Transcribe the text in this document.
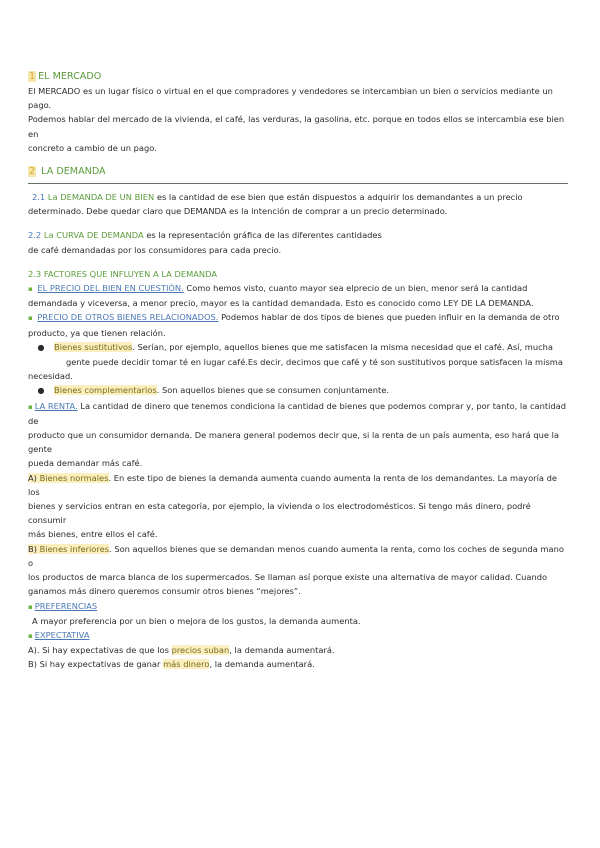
1 EL MERCADO

El MERCADO es un lugar físico o virtual en el que compradores y vendedores se intercambian un bien o servicios mediante un pago.

Podemos hablar del mercado de la vivienda, el café, las verduras, la gasolina, etc. porque en todos ellos se intercambia ese bien en

concreto a cambio de un pago.

2 LA DEMANDA

2.1 La DEMANDA DE UN BIEN es la cantidad de ese bien que están dispuestos a adquirir los demandantes a un precio

determinado. Debe quedar claro que DEMANDA es la intención de comprar a un precio determinado.

2.2 La CURVA DE DEMANDA es la representación gráfica de las diferentes cantidades

de café demandadas por los consumidores para cada precio.

2.3 FACTORES QUE INFLUYEN A LA DEMANDA

▪ EL PRECIO DEL BIEN EN CUESTIÓN. Como hemos visto, cuanto mayor sea elprecio de un bien, menor será la cantidad

demandada y viceversa, a menor precio, mayor es la cantidad demandada. Esto es conocido como LEY DE LA DEMANDA.

▪ PRECIO DE OTROS BIENES RELACIONADOS. Podemos hablar de dos tipos de bienes que pueden influir en la demanda de otro

producto, ya que tienen relación.

● Bienes sustitutivos. Serían, por ejemplo, aquellos bienes que me satisfacen la misma necesidad que el café. Así, mucha

gente puede decidir tomar té en lugar café.Es decir, decimos que café y té son sustitutivos porque satisfacen la misma

necesidad.

● Bienes complementarios. Son aquellos bienes que se consumen conjuntamente.

▪ LA RENTA. La cantidad de dinero que tenemos condiciona la cantidad de bienes que podemos comprar y, por tanto, la cantidad de

producto que un consumidor demanda. De manera general podemos decir que, si la renta de un país aumenta, eso hará que la gente

pueda demandar más café.

A) Bienes normales. En este tipo de bienes la demanda aumenta cuando aumenta la renta de los demandantes. La mayoría de los

bienes y servicios entran en esta categoría, por ejemplo, la vivienda o los electrodomésticos. Si tengo más dinero, podré consumir

más bienes, entre ellos el café.

B) Bienes inferiores. Son aquellos bienes que se demandan menos cuando aumenta la renta, como los coches de segunda mano o

los productos de marca blanca de los supermercados. Se llaman así porque existe una alternativa de mayor calidad. Cuando

ganamos más dinero queremos consumir otros bienes “mejores”.

▪ PREFERENCIAS

A mayor preferencia por un bien o mejora de los gustos, la demanda aumenta.

▪ EXPECTATIVA

A). Si hay expectativas de que los precios suban, la demanda aumentará.

B) Si hay expectativas de ganar más dinero, la demanda aumentará.
